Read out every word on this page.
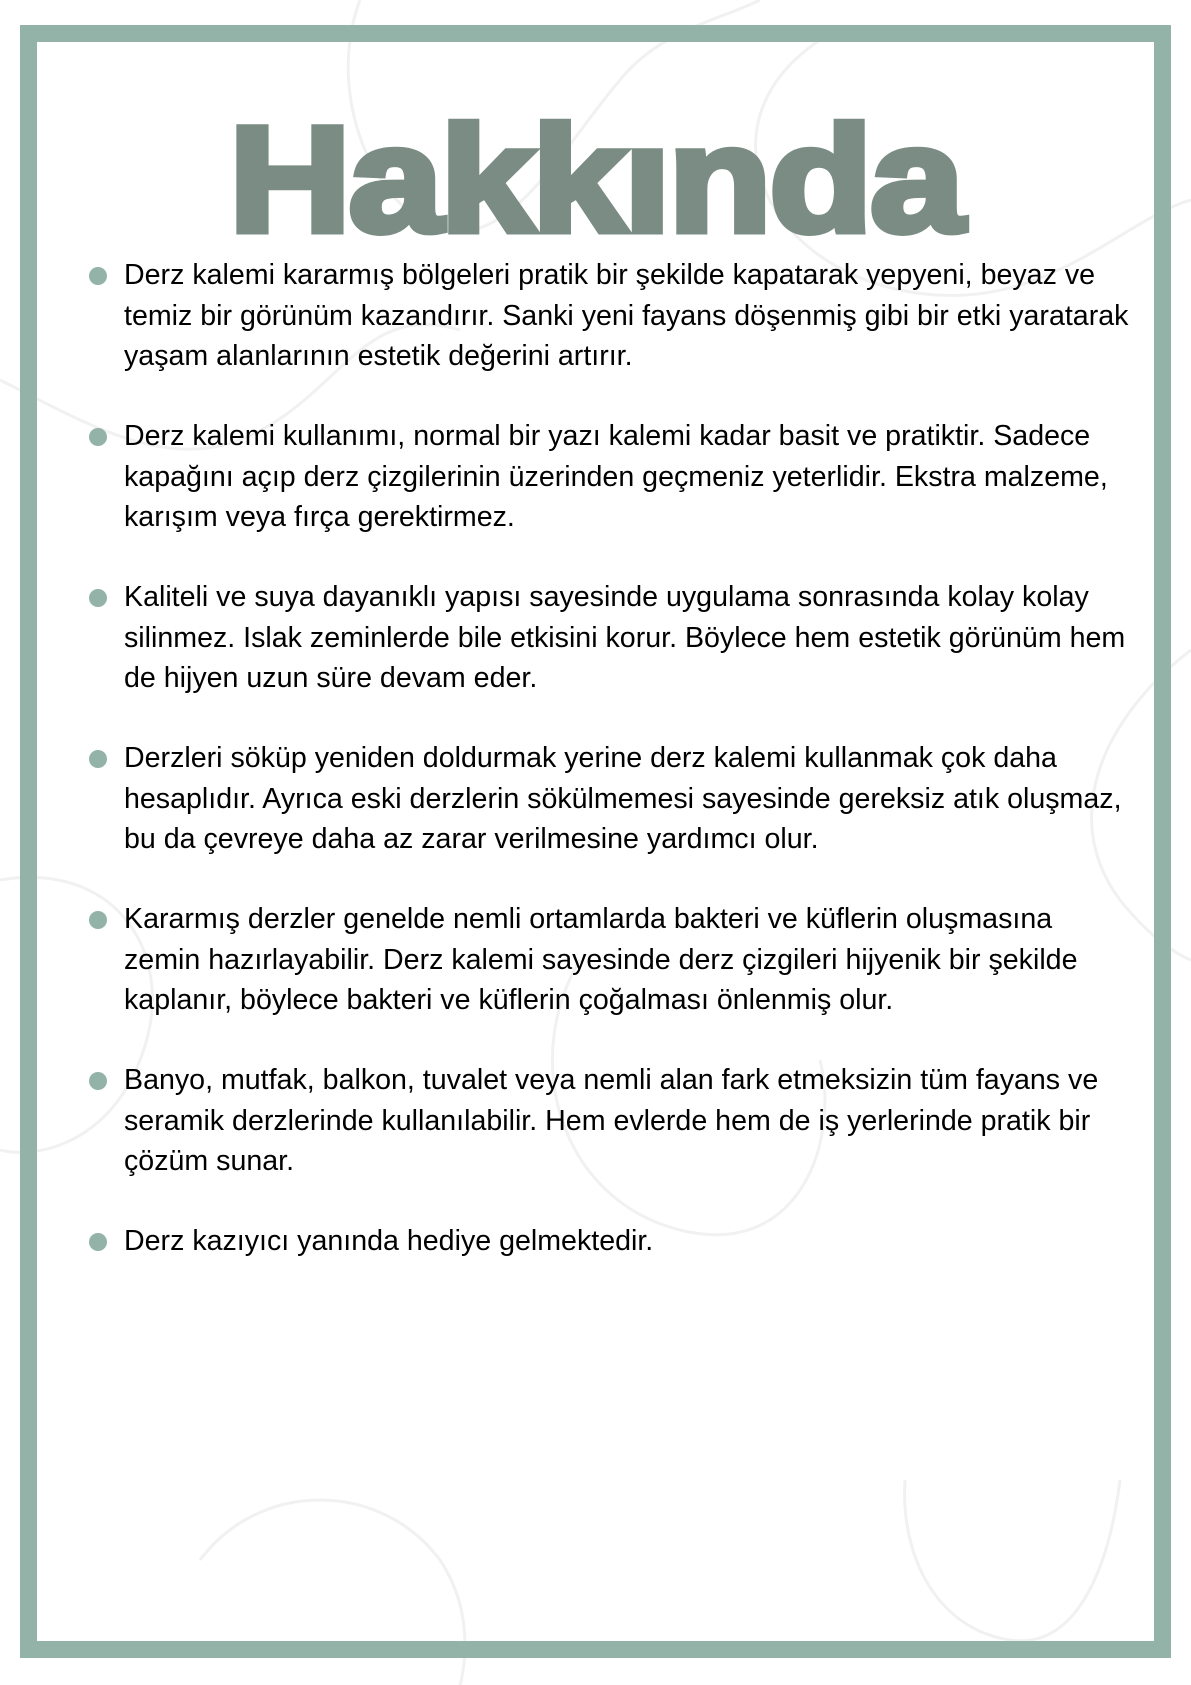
Hakkında
Derz kalemi kararmış bölgeleri pratik bir şekilde kapatarak yepyeni, beyaz ve temiz bir görünüm kazandırır. Sanki yeni fayans döşenmiş gibi bir etki yaratarak yaşam alanlarının estetik değerini artırır.
Derz kalemi kullanımı, normal bir yazı kalemi kadar basit ve pratiktir. Sadece kapağını açıp derz çizgilerinin üzerinden geçmeniz yeterlidir. Ekstra malzeme, karışım veya fırça gerektirmez.
Kaliteli ve suya dayanıklı yapısı sayesinde uygulama sonrasında kolay kolay silinmez. Islak zeminlerde bile etkisini korur. Böylece hem estetik görünüm hem de hijyen uzun süre devam eder.
Derzleri söküp yeniden doldurmak yerine derz kalemi kullanmak çok daha hesaplıdır. Ayrıca eski derzlerin sökülmemesi sayesinde gereksiz atık oluşmaz, bu da çevreye daha az zarar verilmesine yardımcı olur.
Kararmış derzler genelde nemli ortamlarda bakteri ve küflerin oluşmasına zemin hazırlayabilir. Derz kalemi sayesinde derz çizgileri hijyenik bir şekilde kaplanır, böylece bakteri ve küflerin çoğalması önlenmiş olur.
Banyo, mutfak, balkon, tuvalet veya nemli alan fark etmeksizin tüm fayans ve seramik derzlerinde kullanılabilir. Hem evlerde hem de iş yerlerinde pratik bir çözüm sunar.
Derz kazıyıcı yanında hediye gelmektedir.
